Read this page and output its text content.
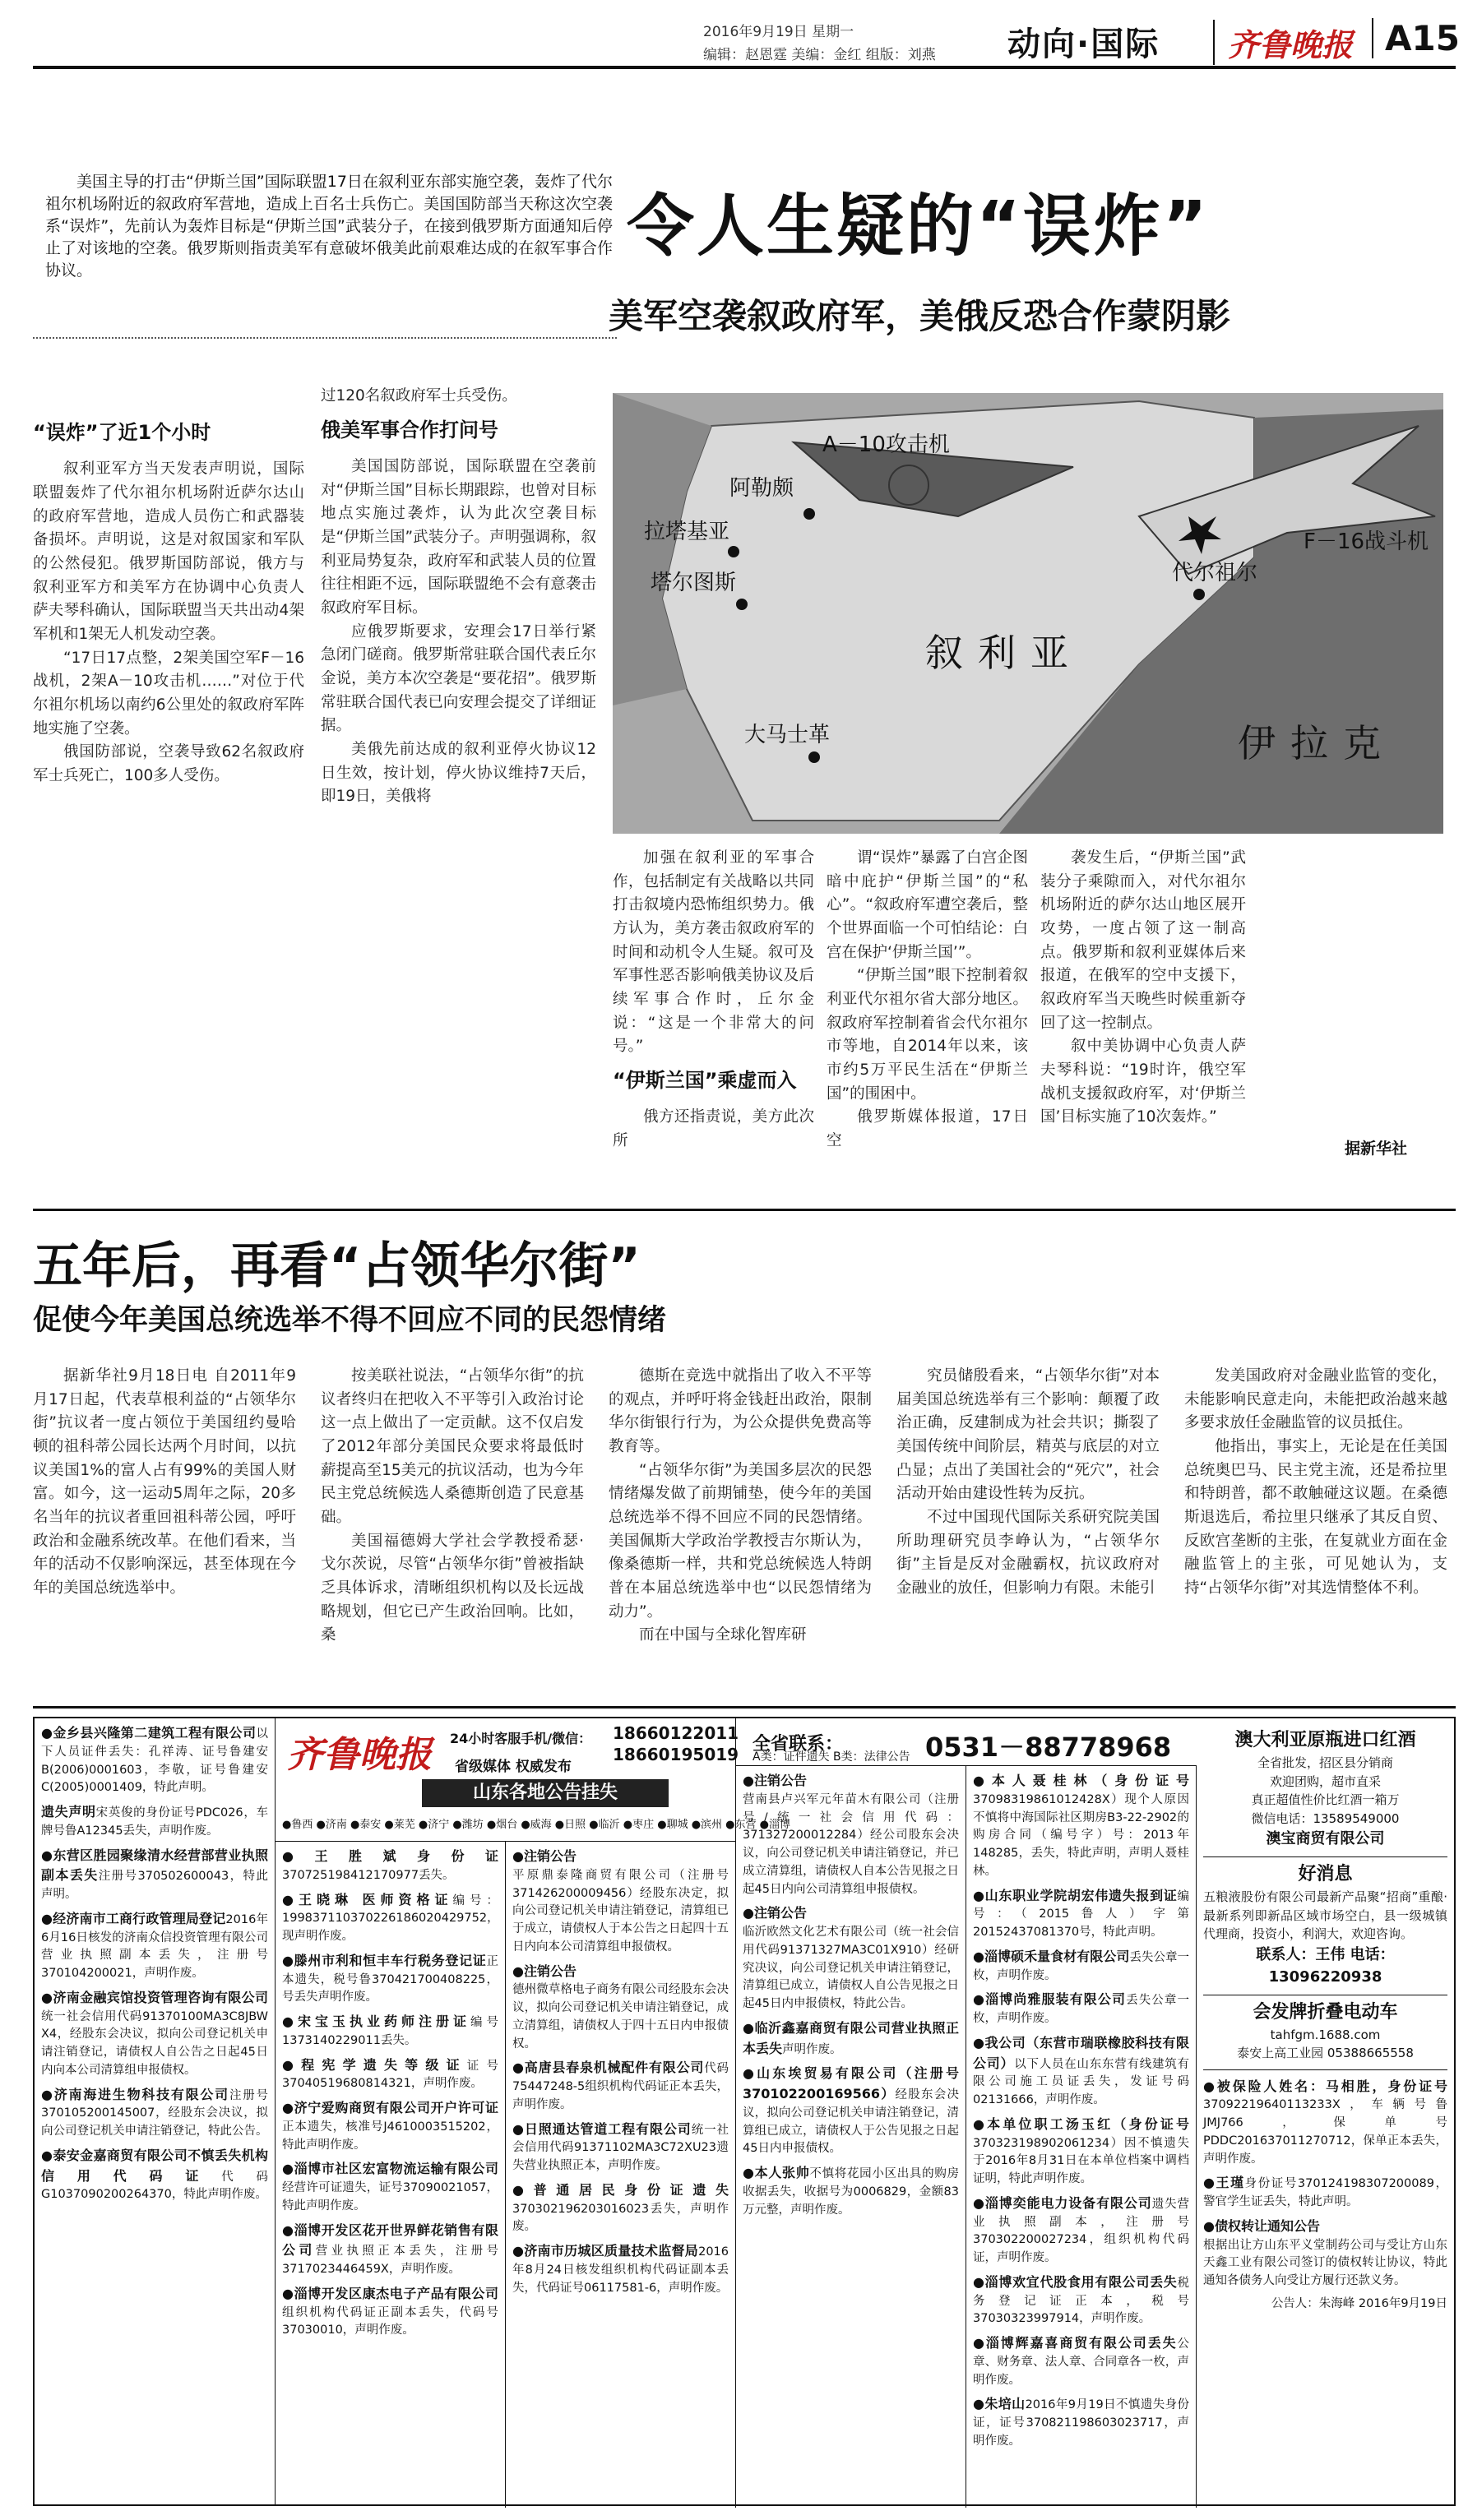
2016年9月19日 星期一
编辑：赵恩霆 美编：金红 组版：刘燕 动向·国际	齐鲁晚报 A15
美国主导的打击“伊斯兰国”国际联盟17日在叙利亚东部实施空袭，轰炸了代尔祖尔机场附近的叙政府军营地，造成上百名士兵伤亡。美国国防部当天称这次空袭系“误炸”，先前认为轰炸目标是“伊斯兰国”武装分子，在接到俄罗斯方面通知后停止了对该地的空袭。俄罗斯则指责美军有意破坏俄美此前艰难达成的在叙军事合作协议。
令人生疑的“误炸”
美军空袭叙政府军，美俄反恐合作蒙阴影
A－10攻击机
F－16战斗机
阿勒颇
拉塔基亚
塔尔图斯	代尔祖尔
叙利亚
伊拉克
大马士革
“误炸”了近1个小时

叙利亚军方当天发表声明说，国际联盟轰炸了代尔祖尔机场附近萨尔达山的政府军营地，造成人员伤亡和武器装备损坏。声明说，这是对叙国家和军队的公然侵犯。俄罗斯国防部说，俄方与叙利亚军方和美军方在协调中心负责人萨夫琴科确认，国际联盟当天共出动4架军机和1架无人机发动空袭。

“17日17点整，2架美国空军F－16战机，2架A－10攻击机……”对位于代尔祖尔机场以南约6公里处的叙政府军阵地实施了空袭。

俄国防部说，空袭导致62名叙政府军士兵死亡，100多人受伤。

过120名叙政府军士兵受伤。

俄美军事合作打问号

美国国防部说，国际联盟在空袭前对“伊斯兰国”目标长期跟踪，也曾对目标地点实施过袭炸，认为此次空袭目标是“伊斯兰国”武装分子。声明强调称，叙利亚局势复杂，政府军和武装人员的位置往往相距不远，国际联盟绝不会有意袭击叙政府军目标。

应俄罗斯要求，安理会17日举行紧急闭门磋商。俄罗斯常驻联合国代表丘尔金说，美方本次空袭是“要花招”。俄罗斯常驻联合国代表已向安理会提交了详细证据。

美俄先前达成的叙利亚停火协议12日生效，按计划，停火协议维持7天后，即19日，美俄将

加强在叙利亚的军事合作，包括制定有关战略以共同打击叙境内恐怖组织势力。俄方认为，美方袭击叙政府军的时间和动机令人生疑。叙可及军事性恶否影响俄美协议及后续军事合作时，丘尔金说：“这是一个非常大的问号。”

“伊斯兰国”乘虚而入

俄方还指责说，美方此次所

谓“误炸”暴露了白宫企图暗中庇护“伊斯兰国”的“私心”。“叙政府军遭空袭后，整个世界面临一个可怕结论：白宫在保护‘伊斯兰国’”。

“伊斯兰国”眼下控制着叙利亚代尔祖尔省大部分地区。叙政府军控制着省会代尔祖尔市等地，自2014年以来，该市约5万平民生活在“伊斯兰国”的围困中。

俄罗斯媒体报道，17日空

袭发生后，“伊斯兰国”武装分子乘隙而入，对代尔祖尔机场附近的萨尔达山地区展开攻势，一度占领了这一制高点。俄罗斯和叙利亚媒体后来报道，在俄军的空中支援下，叙政府军当天晚些时候重新夺回了这一控制点。

叙中美协调中心负责人萨夫琴科说：“19时许，俄空军战机支援叙政府军，对‘伊斯兰国’目标实施了10次轰炸。”

据新华社
五年后，再看“占领华尔街”
促使今年美国总统选举不得不回应不同的民怨情绪

据新华社9月18日电 自2011年9月17日起，代表草根利益的“占领华尔街”抗议者一度占领位于美国纽约曼哈顿的祖科蒂公园长达两个月时间，以抗议美国1%的富人占有99%的美国人财富。如今，这一运动5周年之际，20多名当年的抗议者重回祖科蒂公园，呼吁政治和金融系统改革。在他们看来，当年的活动不仅影响深远，甚至体现在今年的美国总统选举中。

按美联社说法，“占领华尔街”的抗议者终归在把收入不平等引入政治讨论这一点上做出了一定贡献。这不仅启发了2012年部分美国民众要求将最低时薪提高至15美元的抗议活动，也为今年民主党总统候选人桑德斯创造了民意基础。

美国福德姆大学社会学教授希瑟·戈尔茨说，尽管“占领华尔街”曾被指缺乏具体诉求，清晰组织机构以及长远战略规划，但它已产生政治回响。比如，桑

德斯在竞选中就指出了收入不平等的观点，并呼吁将金钱赶出政治，限制华尔街银行行为，为公众提供免费高等教育等。

“占领华尔街”为美国多层次的民怨情绪爆发做了前期铺垫，使今年的美国总统选举不得不回应不同的民怨情绪。美国佩斯大学政治学教授吉尔斯认为，像桑德斯一样，共和党总统候选人特朗普在本届总统选举中也“以民怨情绪为动力”。

而在中国与全球化智库研

究员储殷看来，“占领华尔街”对本届美国总统选举有三个影响：颠覆了政治正确，反建制成为社会共识；撕裂了美国传统中间阶层，精英与底层的对立凸显；点出了美国社会的“死穴”，社会活动开始由建设性转为反抗。

不过中国现代国际关系研究院美国所助理研究员李峥认为，“占领华尔街”主旨是反对金融霸权，抗议政府对金融业的放任，但影响力有限。未能引

发美国政府对金融业监管的变化，未能影响民意走向，未能把政治越来越多要求放任金融监管的议员抵住。

他指出，事实上，无论是在任美国总统奥巴马、民主党主流，还是希拉里和特朗普，都不敢触碰这议题。在桑德斯退选后，希拉里只继承了其反自贸、反欧宫垄断的主张，在复就业方面在金融监管上的主张，可见她认为，支持“占领华尔街”对其选情整体不利。

●金乡县兴隆第二建筑工程有限公司以下人员证件丢失：孔祥涛、证号鲁建安B(2006)0001603，李敬，证号鲁建安C(2005)0001409，特此声明。

遗失声明宋英俊的身份证号PDC026，车牌号鲁A12345丢失，声明作废。

●东营区胜园聚缘清水经营部营业执照副本丢失注册号370502600043，特此声明。

●经济南市工商行政管理局登记2016年6月16日核发的济南众信投资管理有限公司营业执照副本丢失，注册号370104200021，声明作废。

●济南金融宾馆投资管理咨询有限公司统一社会信用代码91370100MA3C8JBW X4，经股东会决议，拟向公司登记机关申请注销登记，请债权人自公告之日起45日内向本公司清算组申报债权。

●济南海进生物科技有限公司注册号370105200145007，经股东会决议，拟向公司登记机关申请注销登记，特此公告。

●泰安金嘉商贸有限公司不慎丢失机构信用代码证代码G1037090200264370，特此声明作废。

齐鲁晚报 24小时客服手机/微信： 18660122011
18660195019
省级媒体 权威发布
山东各地公告挂失
●鲁西 ●济南 ●泰安 ●莱芜 ●济宁 ●潍坊 ●烟台 ●威海 ●日照 ●临沂 ●枣庄 ●聊城 ●滨州 ●东营 ●淄博
全省联系：	0531－88778968
A类：证件遗失 B类：法律公告

●王胜斌身份证370725198412170977丢失。

●王晓琳 医师资格证编号：199837110370226186020429752，现声明作废。

●滕州市利和恒丰车行税务登记证正本遗失，税号鲁370421700408225，号丢失声明作废。

●宋宝玉执业药师注册证编号1373140229011丢失。

●程宪学遗失等级证证号37040519680814321，声明作废。

●济宁爱购商贸有限公司开户许可证正本遗失，核准号J4610003515202，特此声明作废。

●淄博市社区宏富物流运输有限公司经营许可证遗失，证号37090021057，特此声明作废。

●淄博开发区花开世界鲜花销售有限公司营业执照正本丢失，注册号3717023446459X，声明作废。

●淄博开发区康杰电子产品有限公司组织机构代码证正副本丢失，代码号37030010，声明作废。

●注销公告
平原鼎泰隆商贸有限公司（注册号371426200009456）经股东决定，拟向公司登记机关申请注销登记，清算组已于成立，请债权人于本公告之日起四十五日内向本公司清算组申报债权。

●注销公告
德州微草格电子商务有限公司经股东会决议，拟向公司登记机关申请注销登记，成立清算组，请债权人于四十五日内申报债权。

●高唐县春泉机械配件有限公司代码75447248-5组织机构代码证正本丢失，声明作废。

●日照通达管道工程有限公司统一社会信用代码91371102MA3C72XU23遗失营业执照正本，声明作废。

●普通居民身份证遗失370302196203016023丢失，声明作废。

●济南市历城区质量技术监督局2016年8月24日核发组织机构代码证副本丢失，代码证号06117581-6，声明作废。

●注销公告
营南县卢兴军元年苗木有限公司（注册号/统一社会信用代码：371327200012284）经公司股东会决议，向公司登记机关申请注销登记，并已成立清算组，请债权人自本公告见报之日起45日内向公司清算组申报债权。

●注销公告
临沂欧然文化艺术有限公司（统一社会信用代码91371327MA3C01X910）经研究决议，向公司登记机关申请注销登记，清算组已成立，请债权人自公告见报之日起45日内申报债权，特此公告。

●临沂鑫嘉商贸有限公司营业执照正本丢失声明作废。

●山东埃贸易有限公司（注册号370102200169566）经股东会决议，拟向公司登记机关申请注销登记，清算组已成立，请债权人于公告见报之日起45日内申报债权。

●本人张帅不慎将花园小区出具的购房收据丢失，收据号为0006829，金额83万元整，声明作废。

●本人聂桂林（身份证号37098319861012428X）现个人原因不慎将中海国际社区期房B3-22-2902的购房合同（编号字）号：2013年148285，丢失，特此声明，声明人聂桂林。

●山东职业学院胡宏伟遗失报到证编号：（2015鲁人）字第20152437081370号，特此声明。

●淄博硕禾量食材有限公司丢失公章一枚，声明作废。

●淄博尚雅服装有限公司丢失公章一枚，声明作废。

●我公司（东营市瑞联橡胶科技有限公司）以下人员在山东东营有线建筑有限公司施工员证丢失，发证号码02131666，声明作废。

●本单位职工汤玉红（身份证号370323198902061234）因不慎遗失于2016年8月31日在本单位档案中调档证明，特此声明作废。

●淄博奕能电力设备有限公司遗失营业执照副本，注册号370302200027234，组织机构代码证，声明作废。

●淄博欢宜代股食用有限公司丢失税务登记证正本，税号37030323997914，声明作废。

●淄博辉嘉喜商贸有限公司丢失公章、财务章、法人章、合同章各一枚，声明作废。

●朱培山2016年9月19日不慎遗失身份证，证号370821198603023717，声明作废。

澳大利亚原瓶进口红酒
全省批发，招区县分销商
欢迎团购，超市直采
真正超值性价比红酒一箱万
微信电话：13589549000
澳宝商贸有限公司
好消息
五粮液股份有限公司最新产品聚“招商”重酿·最新系列即新品区域市场空白，县一级城镇代理商，投资小，利润大，欢迎咨询。
联系人：王伟 电话：13096220938
会发牌折叠电动车
tahfgm.1688.com
泰安上高工业园 05388665558

●被保险人姓名：马相胜，身份证号37092219640113233X，车辆号鲁JMJ766，保单号PDDC201637011270712，保单正本丢失，声明作废。

●王瑾身份证号370124198307200089，警官学生证丢失，特此声明。

●债权转让通知公告
根据出让方山东平义堂制药公司与受让方山东天鑫工业有限公司签订的债权转让协议，特此通知各债务人向受让方履行还款义务。

公告人：朱海峰 2016年9月19日
